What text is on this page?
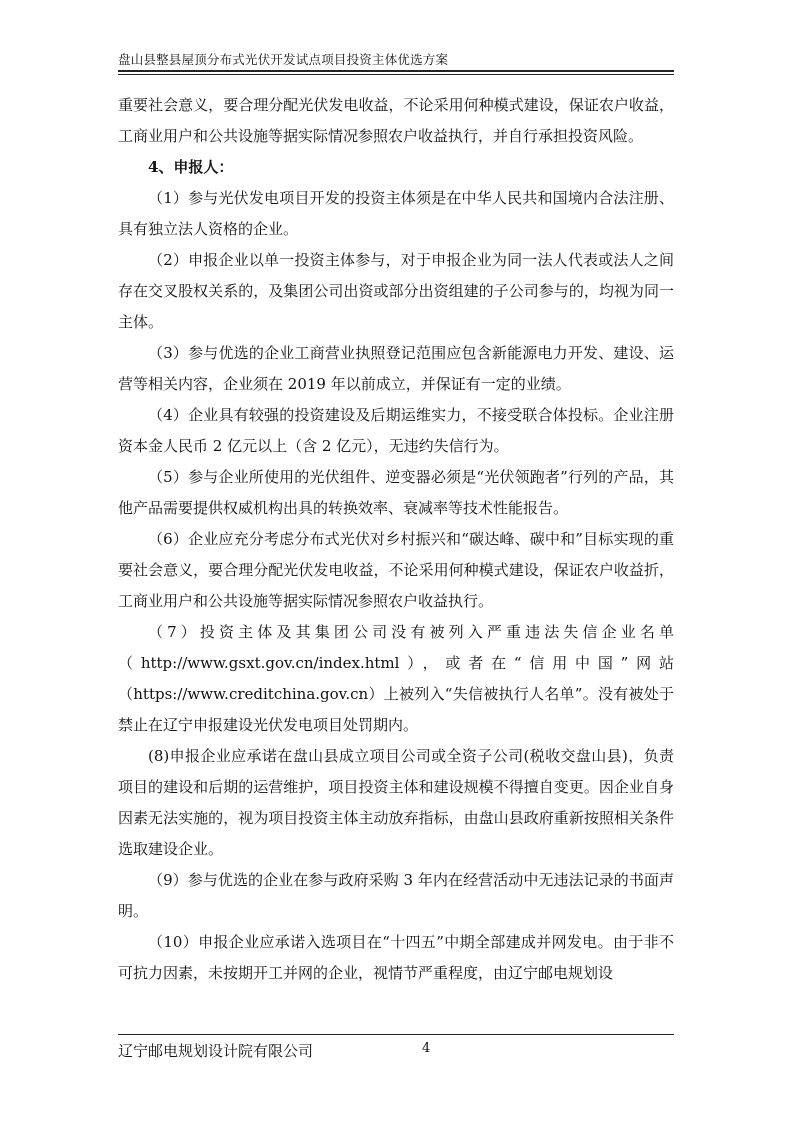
盘山县整县屋顶分布式光伏开发试点项目投资主体优选方案

重要社会意义，要合理分配光伏发电收益，不论采用何种模式建设，保证农户收益，工商业用户和公共设施等据实际情况参照农户收益执行，并自行承担投资风险。

4、申报人：

（1）参与光伏发电项目开发的投资主体须是在中华人民共和国境内合法注册、具有独立法人资格的企业。

（2）申报企业以单一投资主体参与，对于申报企业为同一法人代表或法人之间存在交叉股权关系的，及集团公司出资或部分出资组建的子公司参与的，均视为同一主体。

（3）参与优选的企业工商营业执照登记范围应包含新能源电力开发、建设、运营等相关内容，企业须在 2019 年以前成立，并保证有一定的业绩。

（4）企业具有较强的投资建设及后期运维实力，不接受联合体投标。企业注册资本金人民币 2 亿元以上（含 2 亿元），无违约失信行为。

（5）参与企业所使用的光伏组件、逆变器必须是“光伏领跑者”行列的产品，其他产品需要提供权威机构出具的转换效率、衰减率等技术性能报告。

（6）企业应充分考虑分布式光伏对乡村振兴和“碳达峰、碳中和”目标实现的重要社会意义，要合理分配光伏发电收益，不论采用何种模式建设，保证农户收益折，工商业用户和公共设施等据实际情况参照农户收益执行。

（7）投资主体及其集团公司没有被列入严重违法失信企业名单（http://www.gsxt.gov.cn/index.html），或者在“信用中国”网站（https://www.creditchina.gov.cn）上被列入“失信被执行人名单”。没有被处于禁止在辽宁申报建设光伏发电项目处罚期内。

(8)申报企业应承诺在盘山县成立项目公司或全资子公司(税收交盘山县)，负责项目的建设和后期的运营维护，项目投资主体和建设规模不得擅自变更。因企业自身因素无法实施的，视为项目投资主体主动放弃指标，由盘山县政府重新按照相关条件选取建设企业。

（9）参与优选的企业在参与政府采购 3 年内在经营活动中无违法记录的书面声明。

（10）申报企业应承诺入选项目在“十四五”中期全部建成并网发电。由于非不可抗力因素，未按期开工并网的企业，视情节严重程度，由辽宁邮电规划设

辽宁邮电规划设计院有限公司	4
